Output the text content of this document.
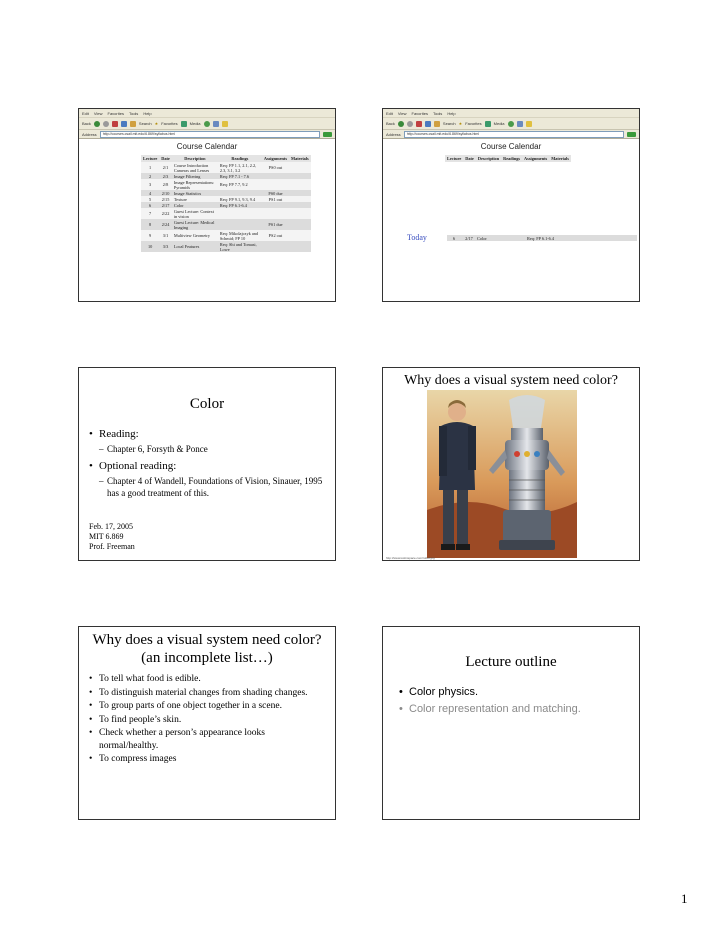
Edit View Favorites Tools Help
Back	Search ★ Favorites	Media
Address	http://courses.csail.mit.edu/6.869/syllabus.html
Course Calendar
Lecture	Date	Description	Readings	Assignments	Materials
1	2/1	Course Introduction Cameras and Lenses	Req: FP 1.1, 2.1, 2.2, 2.3, 3.1, 3.2	PS0 out	
2	2/3	Image Filtering	Req: FP 7.1 - 7.6		
3	2/8	Image Representations: Pyramids	Req: FP 7.7, 9.2		
4	2/10	Image Statistics		PS0 due	
5	2/15	Texture	Req: FP 9.1, 9.3, 9.4	PS1 out	
6	2/17	Color	Req: FP 6.1-6.4		
7	2/22	Guest Lecture: Context in vision			
8	2/24	Guest Lecture: Medical Imaging		PS1 due	
9	3/1	Multiview Geometry	Req: Mikolajczyk and Schmid; FP 10	PS2 out	
10	3/3	Local Features	Req: Shi and Tomasi, Lowe		
Edit View Favorites Tools Help
Back	Search ★ Favorites	Media
Address	http://courses.csail.mit.edu/6.869/syllabus.html
Course Calendar
Lecture	Date	Description	Readings	Assignments	Materials
Today	6	2/17 Color	Req: FP 6.1-6.4
Color
• Reading:
– Chapter 6, Forsyth & Ponce
• Optional reading:
– Chapter 4 of Wandell, Foundations of Vision, Sinauer, 1995 has a good treatment of this.
Feb. 17, 2005
MIT 6.869
Prof. Freeman
Why does a visual system need color?
http://www.lostinspace.com/robot.jpg
Why does a visual system need color?
(an incomplete list…)
• To tell what food is edible.
• To distinguish material changes from shading changes.
• To group parts of one object together in a scene.
• To find people’s skin.
• Check whether a person’s appearance looks normal/healthy.
• To compress images
Lecture outline
• Color physics.
• Color representation and matching.
1
